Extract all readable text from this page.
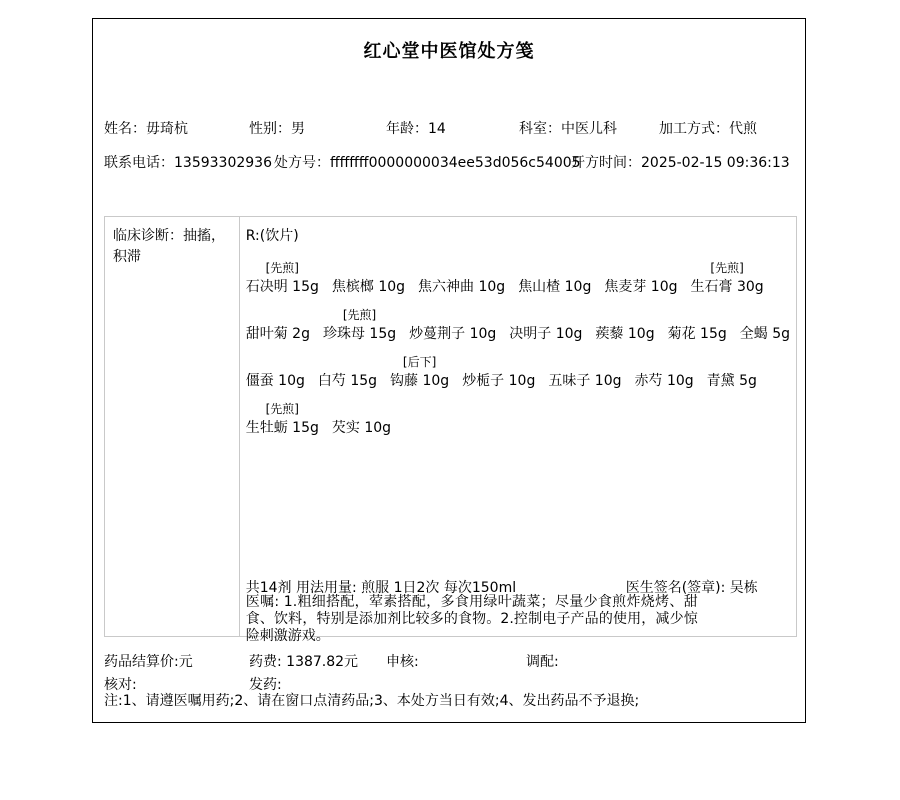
红心堂中医馆处方笺
姓名：毋琦杭	性别：男	年龄：14	科室：中医儿科	加工方式：代煎
联系电话：13593302936 处方号：ffffffff0000000034ee53d056c54005
开方时间：2025-02-15 09:36:13
临床诊断：抽搐，积滞
R:(饮片)
[先煎]
石决明 15g
焦槟榔 10g
焦六神曲 10g
焦山楂 10g
焦麦芽 10g
[先煎]
生石膏 30g

甜叶菊 2g
[先煎]
珍珠母 15g
炒蔓荆子 10g
决明子 10g
蒺藜 10g
菊花 15g
全蝎 5g

僵蚕 10g
白芍 15g
[后下]
钩藤 10g
炒栀子 10g
五味子 10g
赤芍 10g
青黛 5g
[先煎]
生牡蛎 15g
芡实 10g
共14剂 用法用量: 煎服 1日2次 每次150ml	医生签名(签章): 吴栋
医嘱: 1.粗细搭配，荤素搭配，多食用绿叶蔬菜；尽量少食煎炸烧烤、甜食、饮料，特别是添加剂比较多的食物。2.控制电子产品的使用，减少惊险刺激游戏。
药品结算价:元	药费: 1387.82元 申核:	调配:
核对:	发药:
注:1、请遵医嘱用药;2、请在窗口点清药品;3、本处方当日有效;4、发出药品不予退换;
